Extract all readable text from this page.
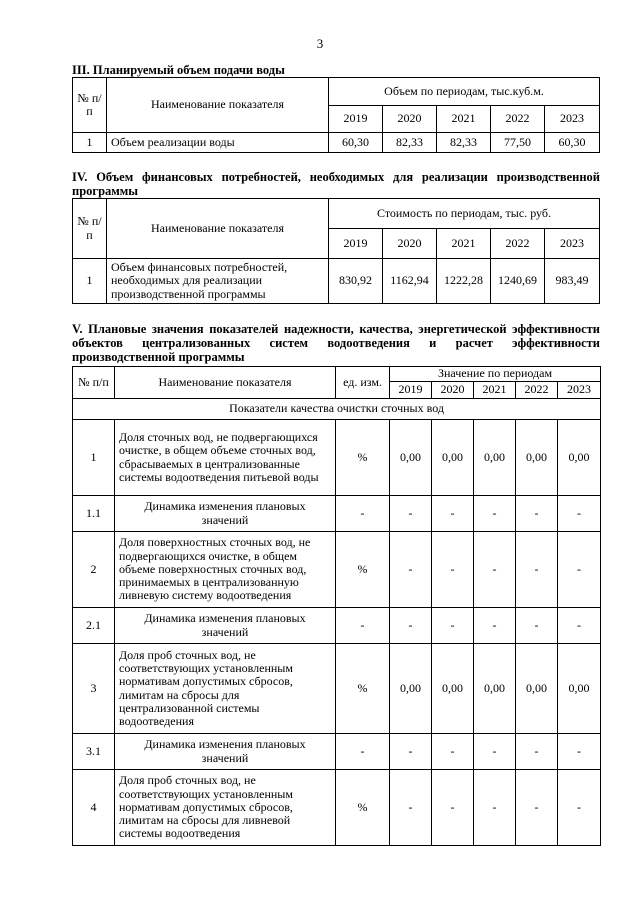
3
III. Планируемый объем подачи воды
№ п/п	Наименование показателя	Объем по периодам, тыс.куб.м.				
		2019	2020	2021	2022	2023
1	Объем реализации воды	60,30	82,33	82,33	77,50	60,30
IV. Объем финансовых потребностей, необходимых для реализации производственной программы
№ п/п	Наименование показателя	Стоимость по периодам, тыс. руб.				
		2019	2020	2021	2022	2023
1	Объем финансовых потребностей, необходимых для реализации производственной программы	830,92	1162,94	1222,28	1240,69	983,49
V. Плановые значения показателей надежности, качества, энергетической эффективности объектов централизованных систем водоотведения и расчет эффективности производственной программы
№ п/п	Наименование показателя	ед. изм.	Значение по периодам				
			2019	2020	2021	2022	2023
Показатели качества очистки сточных вод							
1	Доля сточных вод, не подвергающихся очистке, в общем объеме сточных вод, сбрасываемых в централизованные системы водоотведения питьевой воды	%	0,00	0,00	0,00	0,00	0,00
1.1	Динамика изменения плановых значений	-	-	-	-	-	-
2	Доля поверхностных сточных вод, не подвергающихся очистке, в общем объеме поверхностных сточных вод, принимаемых в централизованную ливневую систему водоотведения	%	-	-	-	-	-
2.1	Динамика изменения плановых значений	-	-	-	-	-	-
3	Доля проб сточных вод, не соответствующих установленным нормативам допустимых сбросов, лимитам на сбросы для централизованной системы водоотведения	%	0,00	0,00	0,00	0,00	0,00
3.1	Динамика изменения плановых значений	-	-	-	-	-	-
4	Доля проб сточных вод, не соответствующих установленным нормативам допустимых сбросов, лимитам на сбросы для ливневой системы водоотведения	%	-	-	-	-	-
